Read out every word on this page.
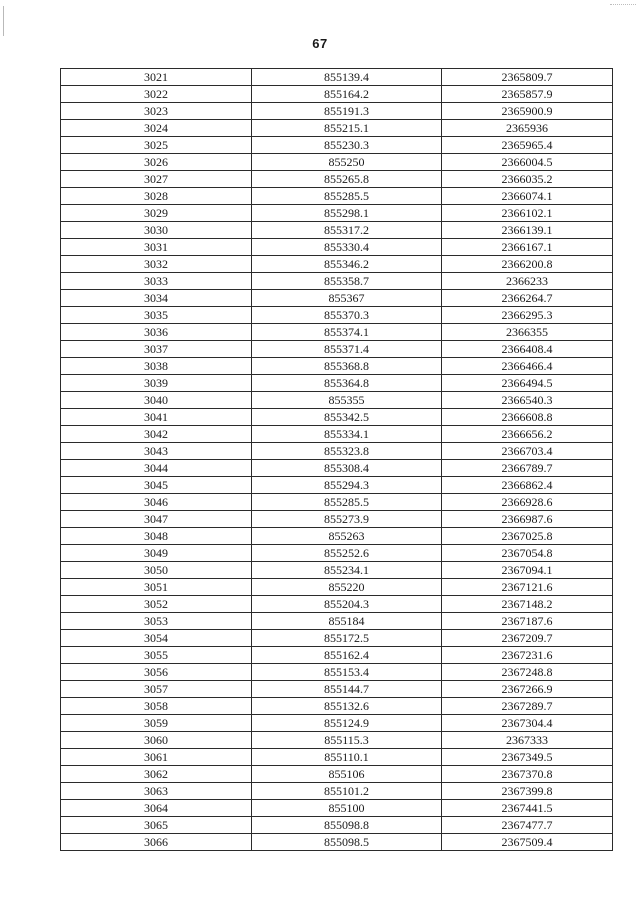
67
3021	855139.4	2365809.7
3022	855164.2	2365857.9
3023	855191.3	2365900.9
3024	855215.1	2365936
3025	855230.3	2365965.4
3026	855250	2366004.5
3027	855265.8	2366035.2
3028	855285.5	2366074.1
3029	855298.1	2366102.1
3030	855317.2	2366139.1
3031	855330.4	2366167.1
3032	855346.2	2366200.8
3033	855358.7	2366233
3034	855367	2366264.7
3035	855370.3	2366295.3
3036	855374.1	2366355
3037	855371.4	2366408.4
3038	855368.8	2366466.4
3039	855364.8	2366494.5
3040	855355	2366540.3
3041	855342.5	2366608.8
3042	855334.1	2366656.2
3043	855323.8	2366703.4
3044	855308.4	2366789.7
3045	855294.3	2366862.4
3046	855285.5	2366928.6
3047	855273.9	2366987.6
3048	855263	2367025.8
3049	855252.6	2367054.8
3050	855234.1	2367094.1
3051	855220	2367121.6
3052	855204.3	2367148.2
3053	855184	2367187.6
3054	855172.5	2367209.7
3055	855162.4	2367231.6
3056	855153.4	2367248.8
3057	855144.7	2367266.9
3058	855132.6	2367289.7
3059	855124.9	2367304.4
3060	855115.3	2367333
3061	855110.1	2367349.5
3062	855106	2367370.8
3063	855101.2	2367399.8
3064	855100	2367441.5
3065	855098.8	2367477.7
3066	855098.5	2367509.4
